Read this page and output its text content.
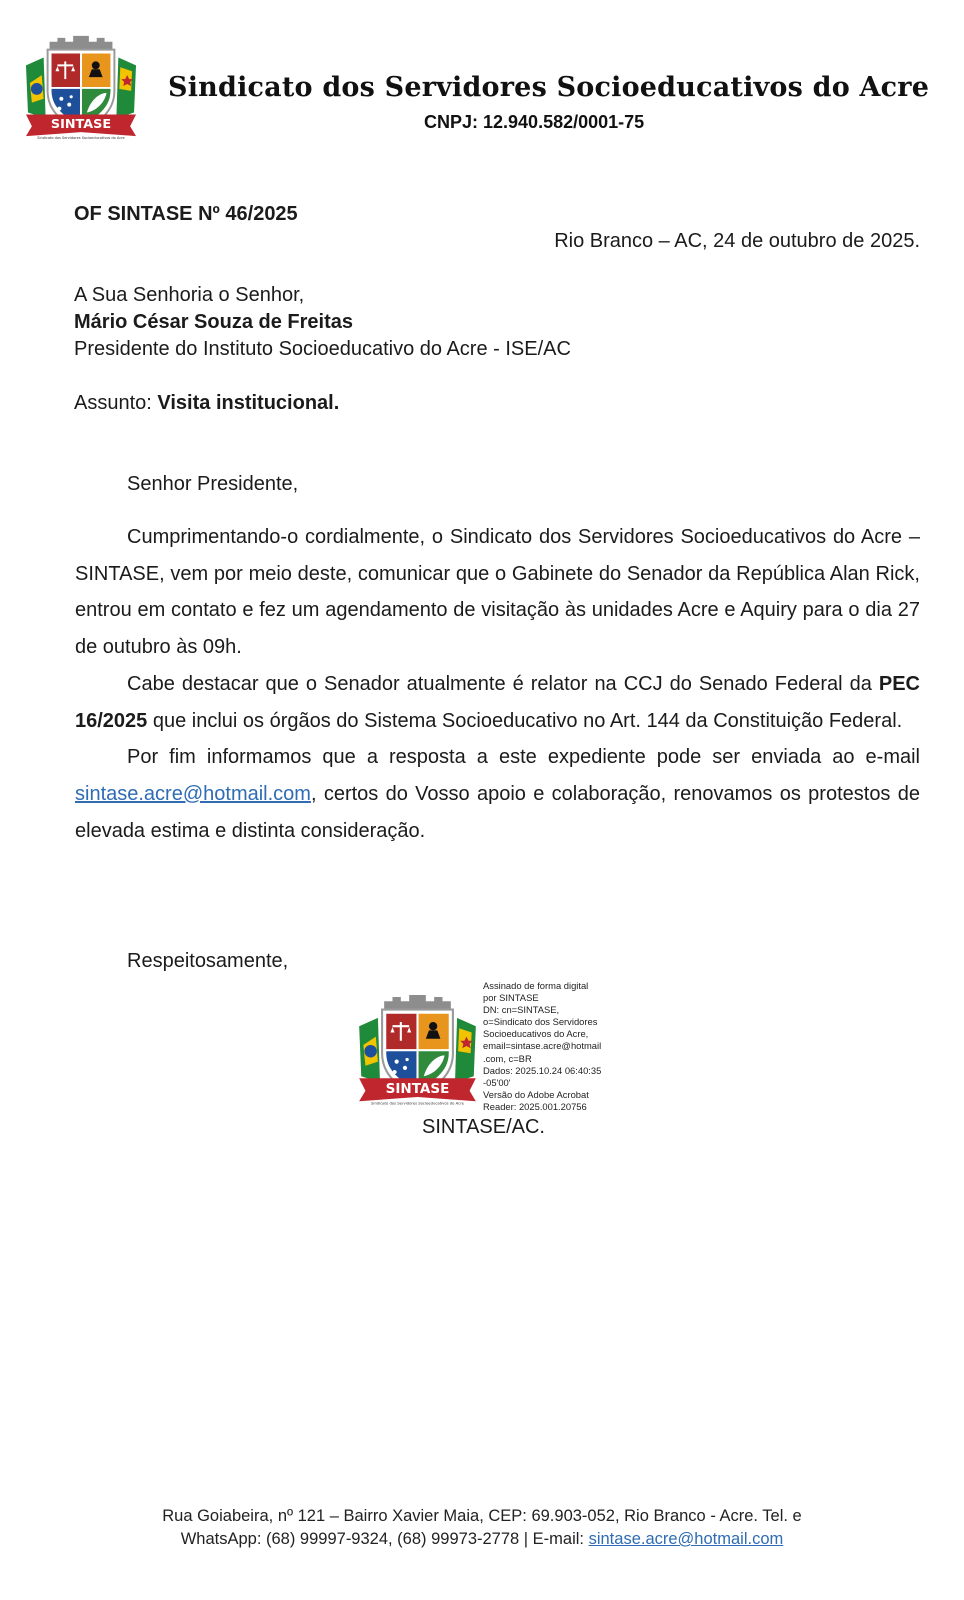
SINTASE
Sindicato dos Servidores Socioeducativos do Acre
Sindicato dos Servidores Socioeducativos do Acre
CNPJ: 12.940.582/0001-75
OF SINTASE Nº 46/2025
Rio Branco – AC, 24 de outubro de 2025.
A Sua Senhoria o Senhor,
Mário César Souza de Freitas
Presidente do Instituto Socioeducativo do Acre - ISE/AC
Assunto: Visita institucional.
Senhor Presidente,

Cumprimentando-o cordialmente, o Sindicato dos Servidores Socioeducativos do Acre – SINTASE, vem por meio deste, comunicar que o Gabinete do Senador da República Alan Rick, entrou em contato e fez um agendamento de visitação às unidades Acre e Aquiry para o dia 27 de outubro às 09h.

Cabe destacar que o Senador atualmente é relator na CCJ do Senado Federal da PEC 16/2025 que inclui os órgãos do Sistema Socioeducativo no Art. 144 da Constituição Federal.

Por fim informamos que a resposta a este expediente pode ser enviada ao e-mail sintase.acre@hotmail.com, certos do Vosso apoio e colaboração, renovamos os protestos de elevada estima e distinta consideração.

Respeitosamente,
SINTASE
Sindicato dos Servidores Socioeducativos do Acre
Assinado de forma digital
por SINTASE
DN: cn=SINTASE,
o=Sindicato dos Servidores
Socioeducativos do Acre,
email=sintase.acre@hotmail
.com, c=BR
Dados: 2025.10.24 06:40:35
-05'00'
Versão do Adobe Acrobat
Reader: 2025.001.20756
SINTASE/AC.
Rua Goiabeira, nº 121 – Bairro Xavier Maia, CEP: 69.903-052, Rio Branco - Acre. Tel. e
WhatsApp: (68) 99997-9324, (68) 99973-2778 | E-mail: sintase.acre@hotmail.com
